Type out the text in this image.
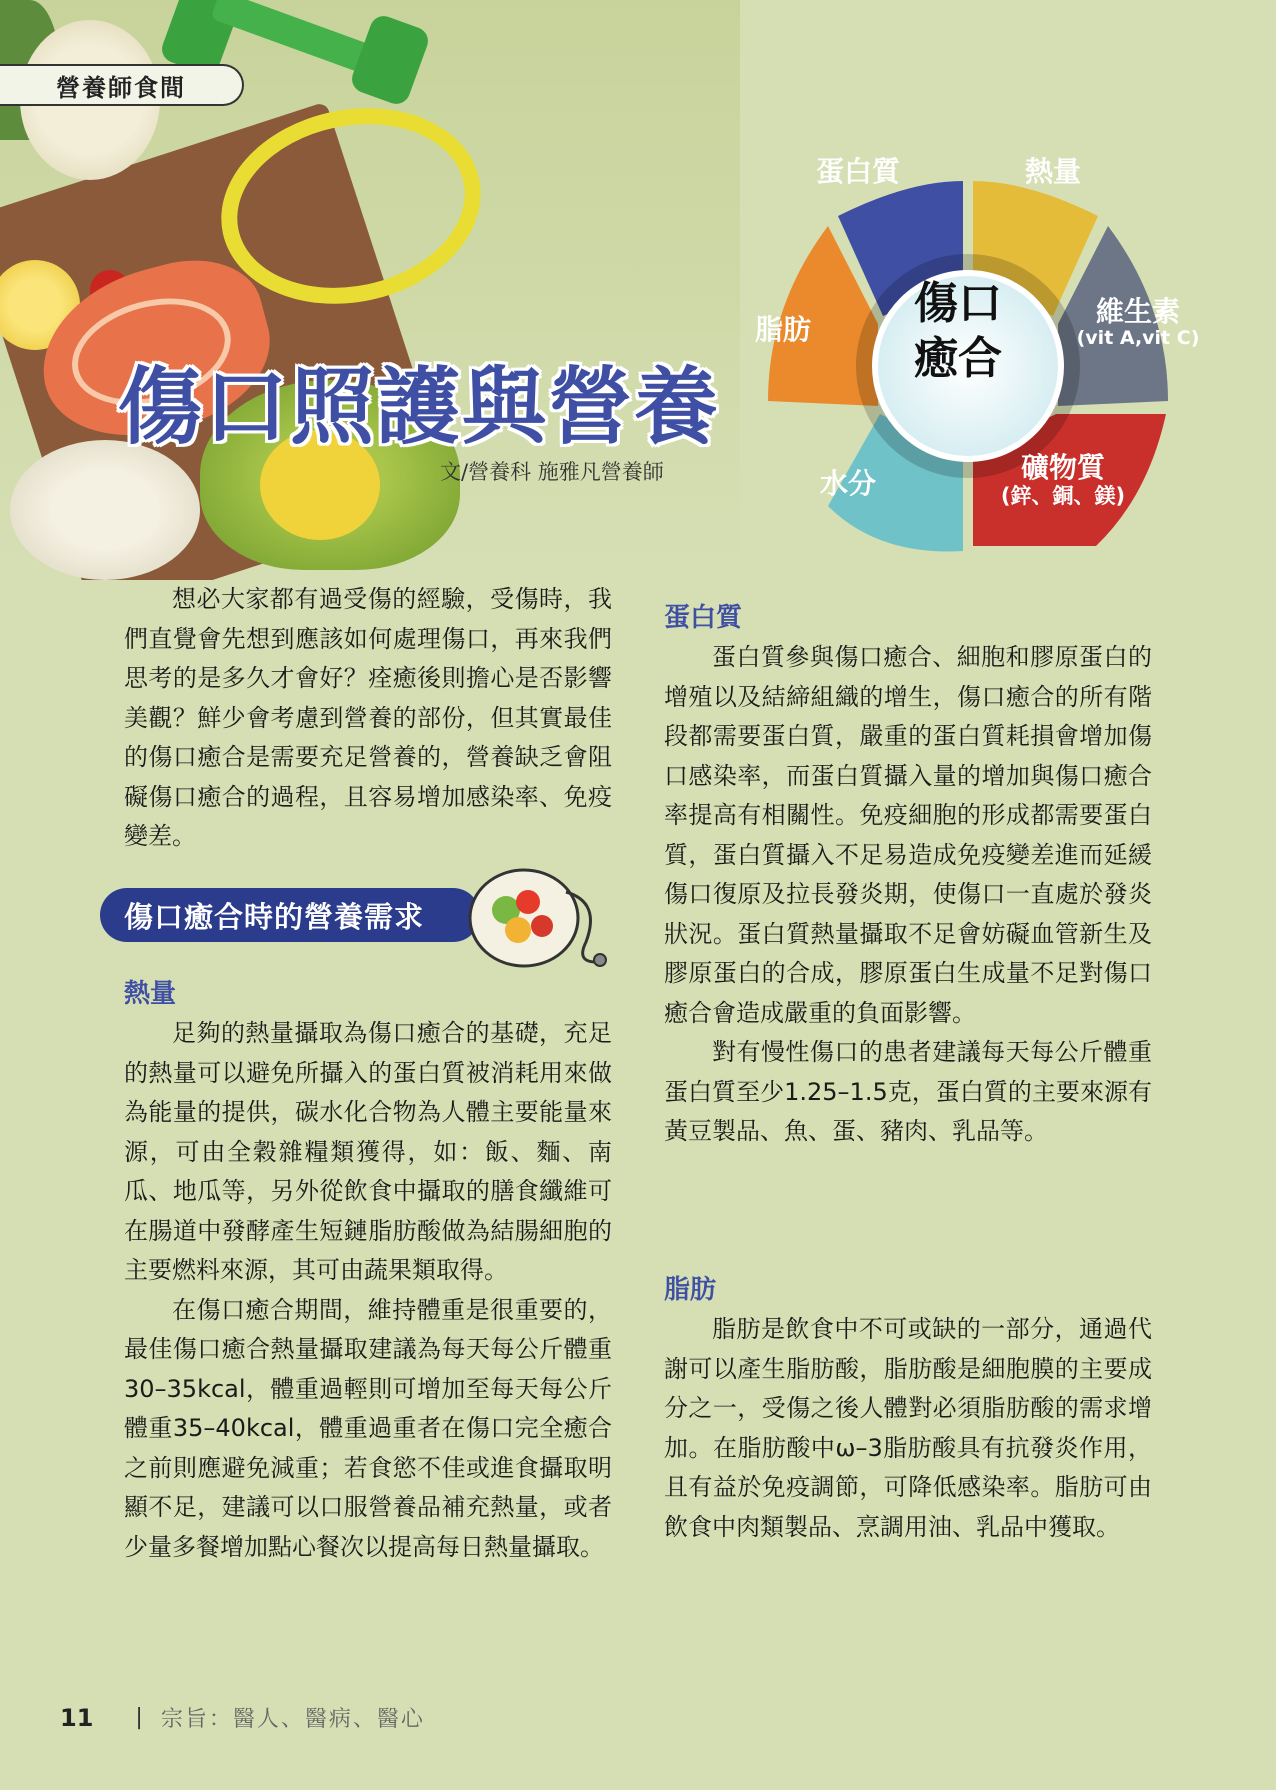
營養師食間
傷口照護與營養
文/營養科 施雅凡營養師
傷口
癒合
蛋白質	熱量
維生素
(vit A,vit C)
礦物質
(鋅、銅、鎂)
水分
脂肪

想必大家都有過受傷的經驗，受傷時，我們直覺會先想到應該如何處理傷口，再來我們思考的是多久才會好？痊癒後則擔心是否影響美觀？鮮少會考慮到營養的部份，但其實最佳的傷口癒合是需要充足營養的，營養缺乏會阻礙傷口癒合的過程，且容易增加感染率、免疫變差。

傷口癒合時的營養需求
熱量

足夠的熱量攝取為傷口癒合的基礎，充足的熱量可以避免所攝入的蛋白質被消耗用來做為能量的提供，碳水化合物為人體主要能量來源，可由全穀雜糧類獲得，如：飯、麵、南瓜、地瓜等，另外從飲食中攝取的膳食纖維可在腸道中發酵產生短鏈脂肪酸做為結腸細胞的主要燃料來源，其可由蔬果類取得。

在傷口癒合期間，維持體重是很重要的，最佳傷口癒合熱量攝取建議為每天每公斤體重30–35kcal，體重過輕則可增加至每天每公斤體重35–40kcal，體重過重者在傷口完全癒合之前則應避免減重；若食慾不佳或進食攝取明顯不足，建議可以口服營養品補充熱量，或者少量多餐增加點心餐次以提高每日熱量攝取。

蛋白質

蛋白質參與傷口癒合、細胞和膠原蛋白的增殖以及結締組織的增生，傷口癒合的所有階段都需要蛋白質，嚴重的蛋白質耗損會增加傷口感染率，而蛋白質攝入量的增加與傷口癒合率提高有相關性。免疫細胞的形成都需要蛋白質，蛋白質攝入不足易造成免疫變差進而延緩傷口復原及拉長發炎期，使傷口一直處於發炎狀況。蛋白質熱量攝取不足會妨礙血管新生及膠原蛋白的合成，膠原蛋白生成量不足對傷口癒合會造成嚴重的負面影響。

對有慢性傷口的患者建議每天每公斤體重蛋白質至少1.25–1.5克，蛋白質的主要來源有黃豆製品、魚、蛋、豬肉、乳品等。

脂肪

脂肪是飲食中不可或缺的一部分，通過代謝可以產生脂肪酸，脂肪酸是細胞膜的主要成分之一，受傷之後人體對必須脂肪酸的需求增加。在脂肪酸中ω–3脂肪酸具有抗發炎作用，且有益於免疫調節，可降低感染率。脂肪可由飲食中肉類製品、烹調用油、乳品中獲取。

11 | 宗旨：醫人、醫病、醫心
